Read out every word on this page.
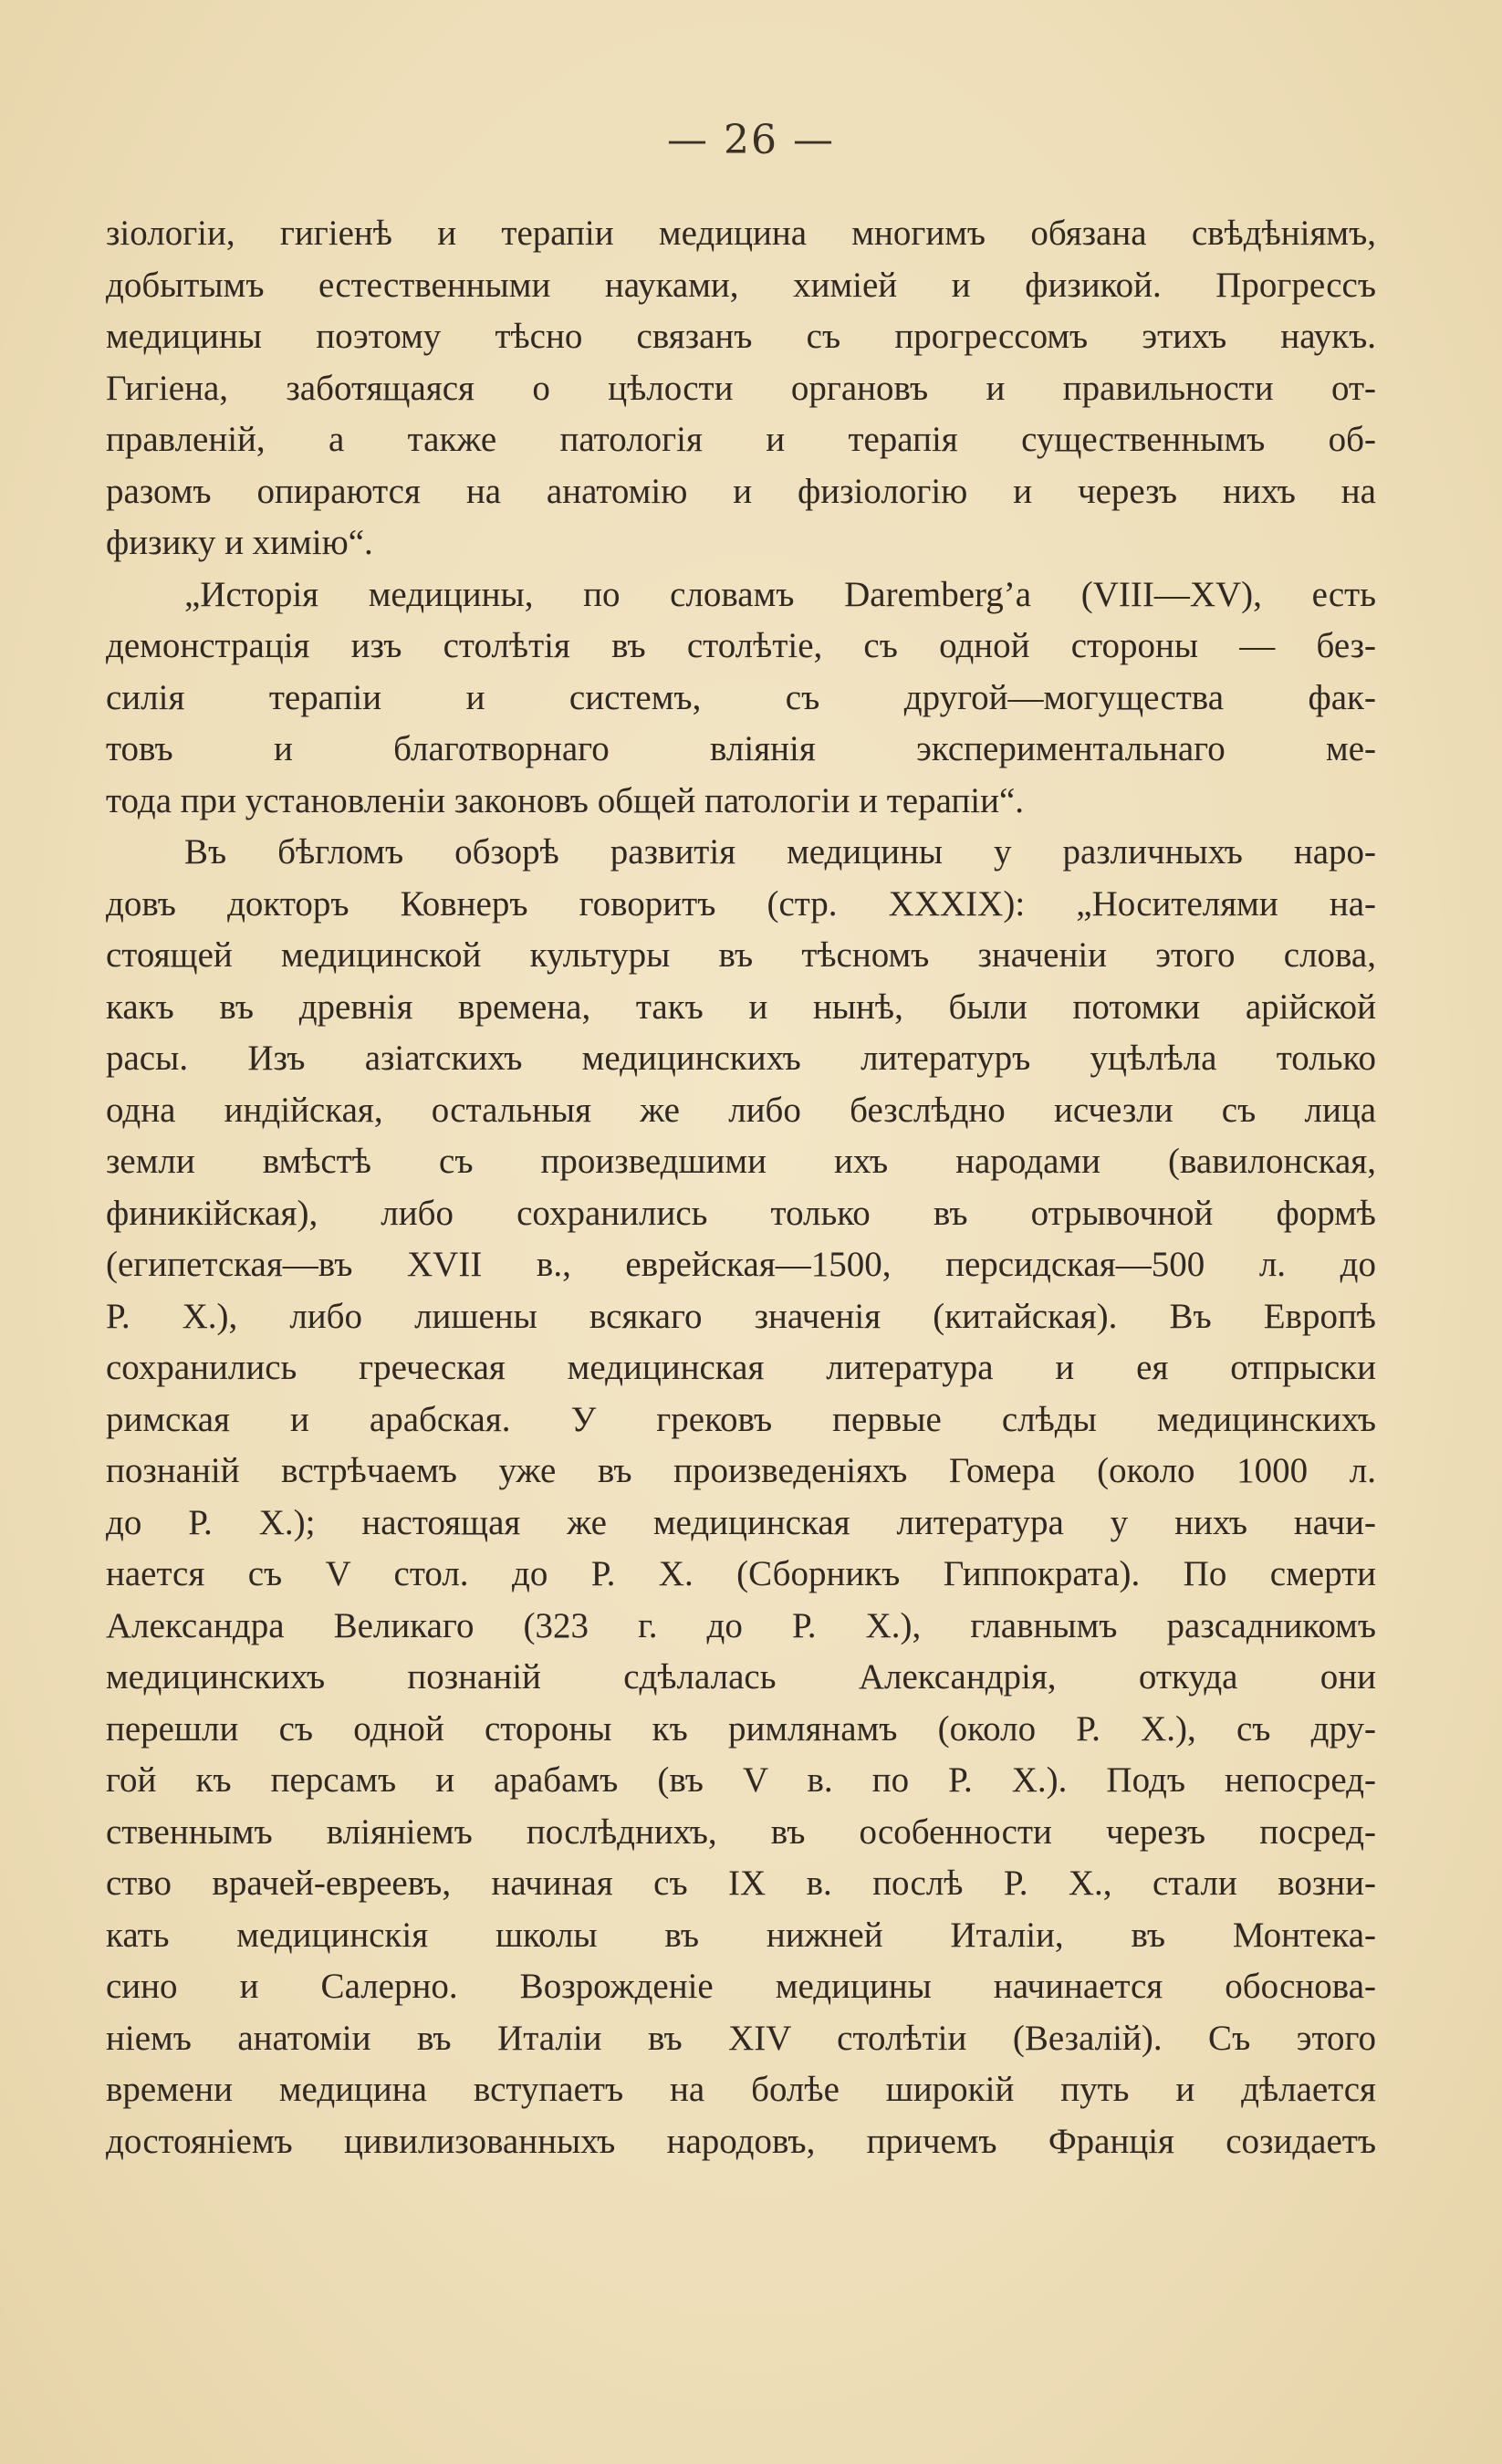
— 26 —
зіологіи, гигіенѣ и терапіи медицина многимъ обязана свѣдѣніямъ,
добытымъ естественными науками, химіей и физикой. Прогрессъ
медицины поэтому тѣсно связанъ съ прогрессомъ этихъ наукъ.
Гигіена, заботящаяся о цѣлости органовъ и правильности от-
правленій, а также патологія и терапія существеннымъ об-
разомъ опираются на анатомію и физіологію и черезъ нихъ на
физику и химію“.
„Исторія медицины, по словамъ Daremberg’a (VIII—XV), есть
демонстрація изъ столѣтія въ столѣтіе, съ одной стороны — без-
силія терапіи и системъ, съ другой—могущества фак-
товъ и благотворнаго вліянія экспериментальнаго ме-
тода при установленіи законовъ общей патологіи и терапіи“.
Въ бѣгломъ обзорѣ развитія медицины у различныхъ наро-
довъ докторъ Ковнеръ говоритъ (стр. XXXIX): „Носителями на-
стоящей медицинской культуры въ тѣсномъ значеніи этого слова,
какъ въ древнія времена, такъ и нынѣ, были потомки арійской
расы. Изъ азіатскихъ медицинскихъ литературъ уцѣлѣла только
одна индійская, остальныя же либо безслѣдно исчезли съ лица
земли вмѣстѣ съ произведшими ихъ народами (вавилонская,
финикійская), либо сохранились только въ отрывочной формѣ
(египетская—въ XVII в., еврейская—1500, персидская—500 л. до
Р. Х.), либо лишены всякаго значенія (китайская). Въ Европѣ
сохранились греческая медицинская литература и ея отпрыски
римская и арабская. У грековъ первые слѣды медицинскихъ
познаній встрѣчаемъ уже въ произведеніяхъ Гомера (около 1000 л.
до Р. Х.); настоящая же медицинская литература у нихъ начи-
нается съ V стол. до Р. Х. (Сборникъ Гиппократа). По смерти
Александра Великаго (323 г. до Р. Х.), главнымъ разсадникомъ
медицинскихъ познаній сдѣлалась Александрія, откуда они
перешли съ одной стороны къ римлянамъ (около Р. Х.), съ дру-
гой къ персамъ и арабамъ (въ V в. по Р. Х.). Подъ непосред-
ственнымъ вліяніемъ послѣднихъ, въ особенности черезъ посред-
ство врачей-евреевъ, начиная съ IX в. послѣ Р. Х., стали возни-
кать медицинскія школы въ нижней Италіи, въ Монтека-
сино и Салерно. Возрожденіе медицины начинается обоснова-
ніемъ анатоміи въ Италіи въ XIV столѣтіи (Везалій). Съ этого
времени медицина вступаетъ на болѣе широкій путь и дѣлается
достояніемъ цивилизованныхъ народовъ, причемъ Франція созидаетъ
